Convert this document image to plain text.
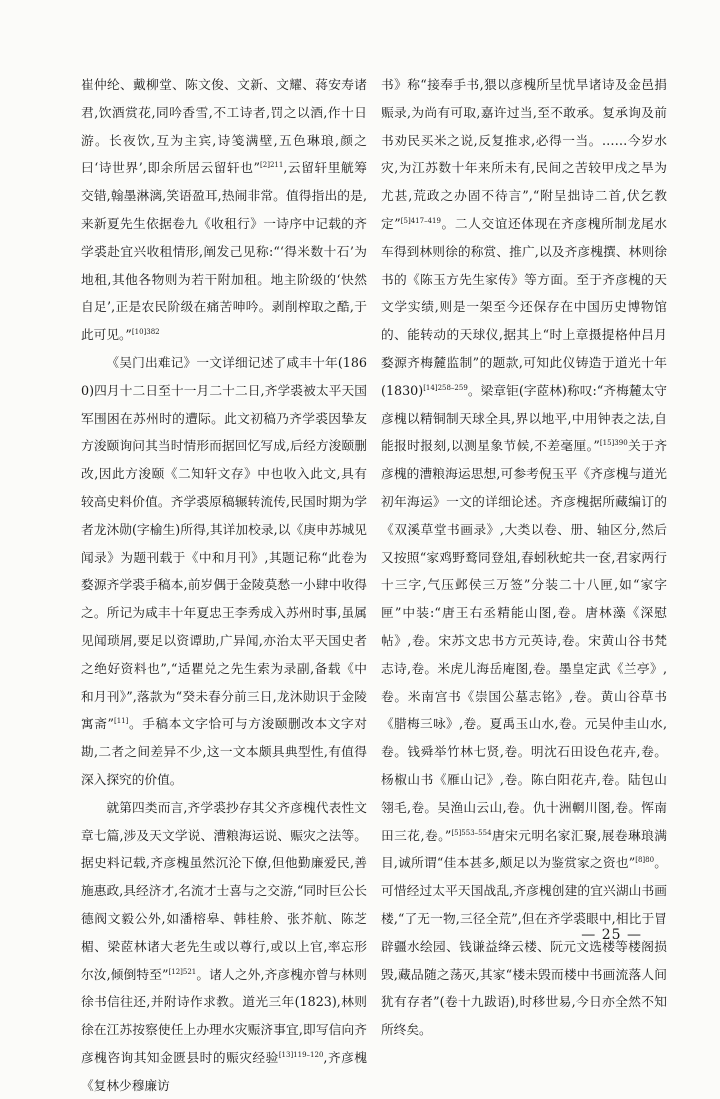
崔仲纶、戴柳堂、陈文俊、文新、文耀、蒋安寿诸君,饮酒赏花,同吟香雪,不工诗者,罚之以酒,作十日游。长夜饮,互为主宾,诗笺满壁,五色琳琅,颜之曰‘诗世界’,即余所居云留轩也”$^{[2]211}$,云留轩里觥筹交错,翰墨淋漓,笑语盈耳,热闹非常。值得指出的是,来新夏先生依据卷九《收租行》一诗序中记载的齐学裘赴宜兴收租情形,阐发己见称:“‘得米数十石’为地租,其他各物则为若干附加租。地主阶级的‘快然自足’,正是农民阶级在痛苦呻吟。剥削榨取之酷,于此可见。”$^{[10]382}$

《吴门出难记》一文详细记述了咸丰十年(1860)四月十二日至十一月二十二日,齐学裘被太平天国军围困在苏州时的遭际。此文初稿乃齐学裘因挚友方浚颐询问其当时情形而据回忆写成,后经方浚颐删改,因此方浚颐《二知轩文存》中也收入此文,具有较高史料价值。齐学裘原稿辗转流传,民国时期为学者龙沐勋(字榆生)所得,其详加校录,以《庚申苏城见闻录》为题刊载于《中和月刊》,其题记称“此卷为婺源齐学裘手稿本,前岁偶于金陵莫愁一小肆中收得之。所记为咸丰十年夏忠王李秀成入苏州时事,虽属见闻琐屑,要足以资谭助,广异闻,亦治太平天国史者之绝好资料也”,“适瞿兑之先生索为录副,备载《中和月刊》”,落款为“癸未春分前三日,龙沐勋识于金陵寓斋”[11]。手稿本文字恰可与方浚颐删改本文字对勘,二者之间差异不少,这一文本颇具典型性,有值得深入探究的价值。

就第四类而言,齐学裘抄存其父齐彦槐代表性文章七篇,涉及天文学说、漕粮海运说、赈灾之法等。据史料记载,齐彦槐虽然沉沦下僚,但他勤廉爱民,善施惠政,具经济才,名流才士喜与之交游,“同时巨公长德阀文毅公外,如潘榕皋、韩桂舲、张芥航、陈芝楣、梁茝林诸大老先生或以尊行,或以上官,率忘形尔汝,倾倒特至”$^{[12]521}$。诸人之外,齐彦槐亦曾与林则徐书信往还,并附诗作求教。道光三年(1823),林则徐在江苏按察使任上办理水灾赈济事宜,即写信向齐彦槐咨询其知金匮县时的赈灾经验$^{[13]119-120}$,齐彦槐《复林少穆廉访

书》称“接奉手书,猥以彦槐所呈忧旱诸诗及金邑捐赈录,为尚有可取,嘉许过当,至不敢承。复承询及前书劝民买米之说,反复推求,必得一当。……今岁水灾,为江苏数十年来所未有,民间之苦较甲戌之旱为尤甚,荒政之办固不待言”,“附呈拙诗二首,伏乞教定”$^{[5]417-419}$。二人交谊还体现在齐彦槐所制龙尾水车得到林则徐的称赏、推广,以及齐彦槐撰、林则徐书的《陈玉方先生家传》等方面。至于齐彦槐的天文学实绩,则是一架至今还保存在中国历史博物馆的、能转动的天球仪,据其上“时上章摄提格仲吕月婺源齐梅麓监制”的题款,可知此仪铸造于道光十年(1830)$^{[14]258-259}$。梁章钜(字茝林)称叹:“齐梅麓太守彦槐以精铜制天球全具,界以地平,中用钟表之法,自能报时报刻,以测星象节候,不差毫厘。”$^{[15]390}$关于齐彦槐的漕粮海运思想,可参考倪玉平《齐彦槐与道光初年海运》一文的详细论述。齐彦槐据所藏编订的《双溪草堂书画录》,大类以卷、册、轴区分,然后又按照“家鸡野鹜同登俎,春蚓秋蛇共一奁,君家两行十三字,气压邺侯三万签”分装二十八匣,如“家字匣”中装:“唐王右丞精能山图,卷。唐林藻《深慰帖》,卷。宋苏文忠书方元英诗,卷。宋黄山谷书梵志诗,卷。米虎儿海岳庵图,卷。墨皇定武《兰亭》,卷。米南宫书《崇国公墓志铭》,卷。黄山谷草书《腊梅三咏》,卷。夏禹玉山水,卷。元吴仲圭山水,卷。钱舜举竹林七贤,卷。明沈石田设色花卉,卷。杨椒山书《雁山记》,卷。陈白阳花卉,卷。陆包山翎毛,卷。吴渔山云山,卷。仇十洲輞川图,卷。恽南田三花,卷。”$^{[5]553-554}$唐宋元明名家汇聚,展卷琳琅满目,诚所谓“佳本甚多,颇足以为鉴赏家之资也”$^{[8]80}$。可惜经过太平天国战乱,齐彦槐创建的宜兴湖山书画楼,“了无一物,三径全荒”,但在齐学裘眼中,相比于冒辟疆水绘园、钱谦益绛云楼、阮元文选楼等楼阁损毁,藏品随之荡灭,其家“楼未毁而楼中书画流落人间犹有存者”(卷十九跋语),时移世易,今日亦全然不知所终矣。

— 25 —
